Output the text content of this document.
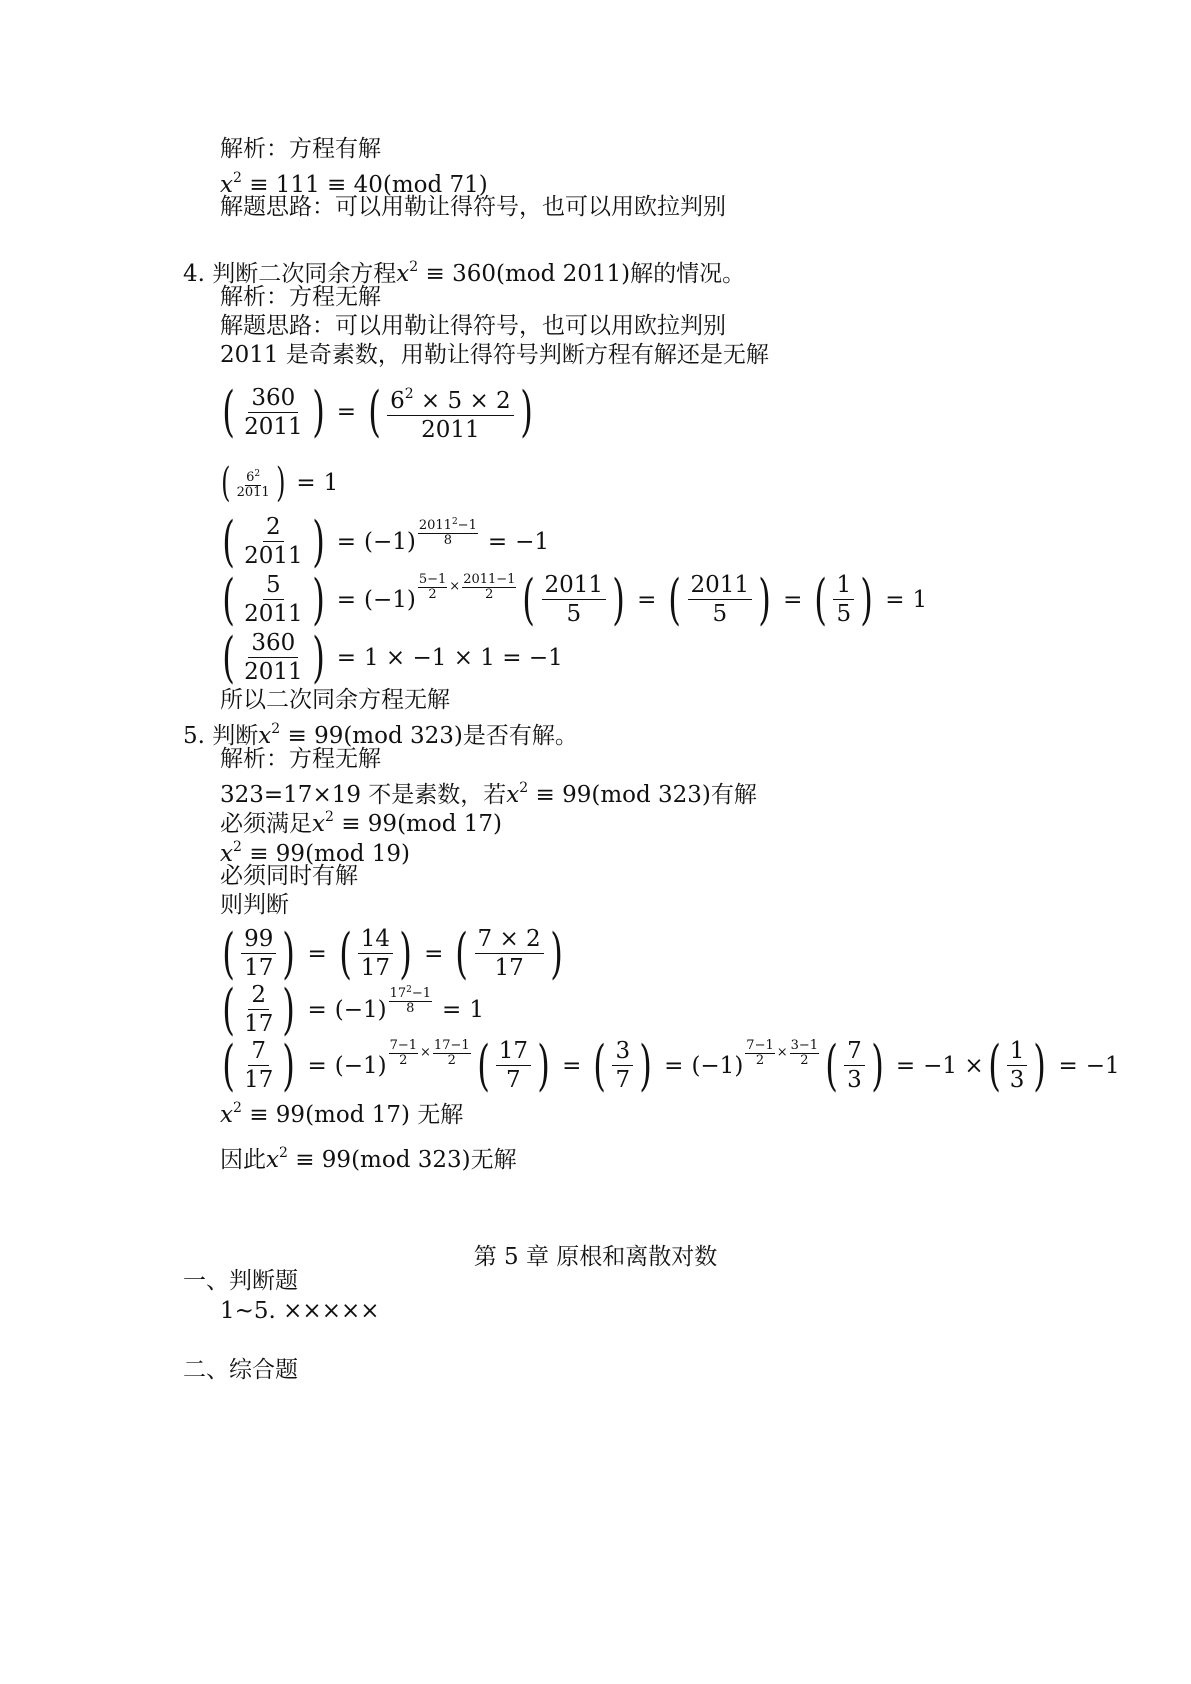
解析：方程有解
$x^2 \equiv 111 \equiv 40(mod$ 71)
解题思路：可以用勒让得符号，也可以用欧拉判别
4. 判断二次同余方程$x^2 \equiv 360(mod$ 2011)解的情况。
解析：方程无解
解题思路：可以用勒让得符号，也可以用欧拉判别
2011 是奇素数，用勒让得符号判断方程有解还是无解
( $\frac{360}{2011}$ ) = ( $\frac{6^2 \times 5 \times 2}{2011}$ )
( $\frac{6^2}{2011}$ ) = 1
( $\frac{2}{2011}$ ) = $(-1) \frac{2011^2-1}{8} = -1$
( $\frac{5}{2011}$ ) = $(-1) \frac{5-1}{2} \times \frac{2011-1}{2}$ ( $\frac{2011}{5}$ ) = ( $\frac{2011}{5}$ ) = ( $\frac{1}{5}$ ) = 1
( $\frac{360}{2011}$ ) = 1 × −1 × 1 = −1
所以二次同余方程无解
5. 判断$x^2 \equiv 99(mod$ 323)是否有解。
解析：方程无解
323=17×19 不是素数，若$x^2 \equiv 99(mod$ 323)有解
必须满足$x^2 \equiv 99(mod$ 17)
$x^2 \equiv 99(mod$ 19)
必须同时有解
则判断
( $\frac{99}{17}$ ) = ( $\frac{14}{17}$ ) = ( $\frac{7 \times 2}{17}$ )
( $\frac{2}{17}$ ) = $(-1) \frac{17^2-1}{8} = 1$
( $\frac{7}{17}$ ) = $(-1) \frac{7-1}{2} \times \frac{17-1}{2}$ ( $\frac{17}{7}$ ) = ( $\frac{3}{7}$ ) = $(-1) \frac{7-1}{2} \times \frac{3-1}{2}$ ( $\frac{7}{3}$ ) = −1 × ( $\frac{1}{3}$ ) = −1
$x^2 \equiv 99(mod$ 17) 无解
因此$x^2 \equiv 99(mod$ 323)无解
第 5 章 原根和离散对数
一、判断题
1~5. ×××××
二、综合题
